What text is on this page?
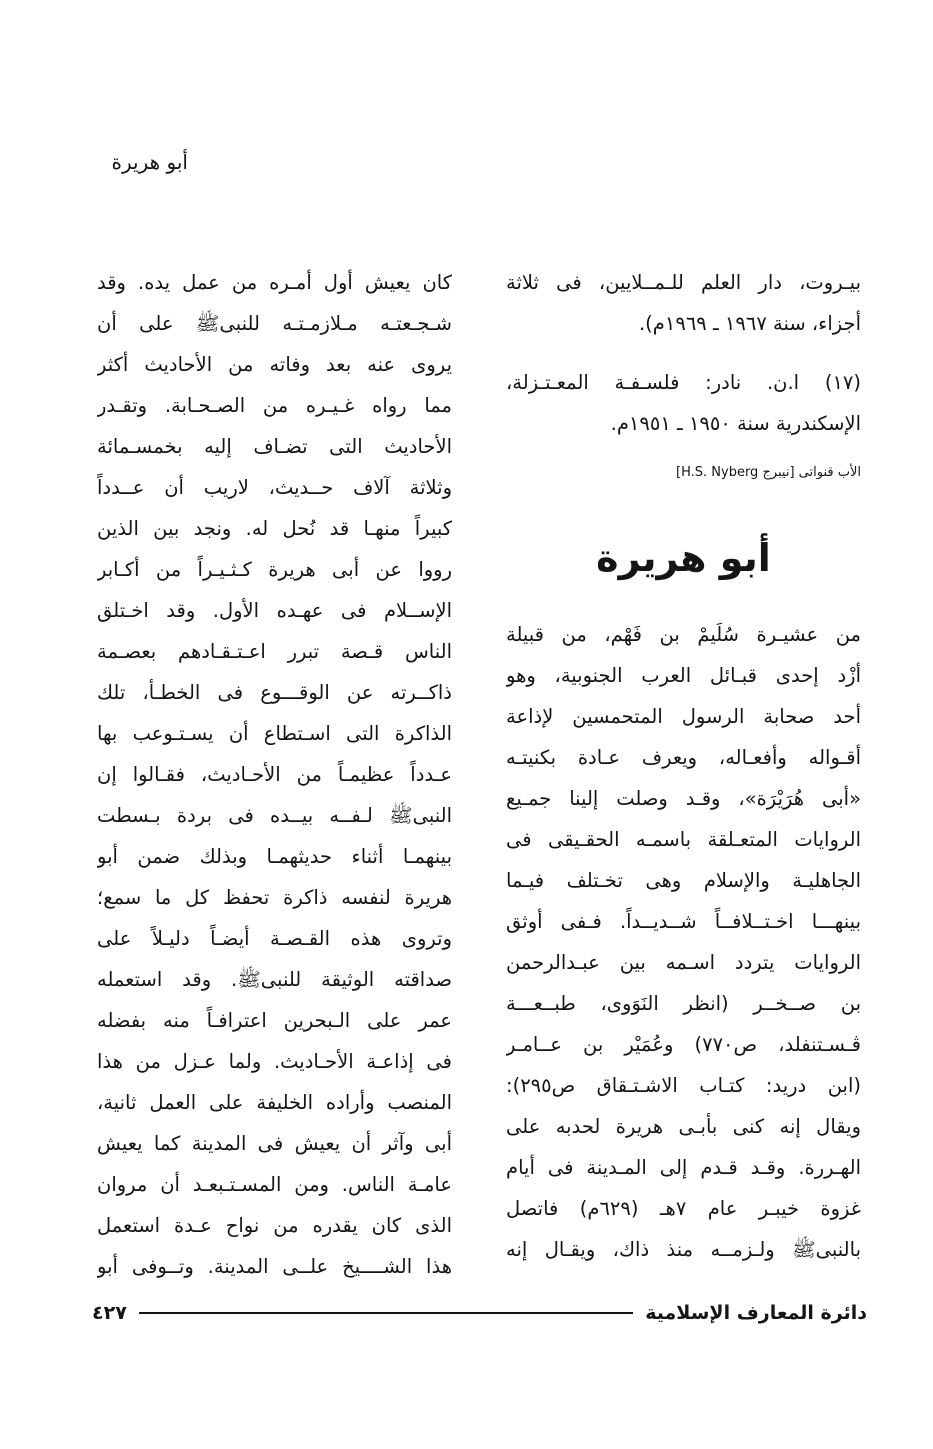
أبو هريرة
بيـروت، دار العلم للـمــلايين، فى ثلاثة
أجزاء، سنة ١٩٦٧ ـ ١٩٦٩م).
(١٧) ا.ن. نادر: فلسـفـة المعـتـزلة،
الإسكندرية سنة ١٩٥٠ ـ ١٩٥١م.
الأب قنواتى [نيبرج H.S. Nyberg]
أبو هريرة
من عشيـرة سُلَيمْ بن فَهْم، من قبيلة
أزْد إحدى قبـائل العرب الجنوبية، وهو
أحد صحابة الرسول المتحمسين لإذاعة
أقـواله وأفعـاله، ويعرف عـادة بكنيتـه
«أبى هُرَيْرَة»، وقـد وصلت إلينا جمـيع
الروايات المتعـلقة باسمـه الحقـيقى فى
الجاهليـة والإسلام وهى تخـتلف فيـما
بينهـــا اخـتــلافــاً شــديــداً. فـفى أوثق
الروايات يتردد اسـمه بين عبـدالرحمن
بن صــخــر (انظر النَوَوى، طبــعـــة
ڤـسـتنفلد، ص٧٧٠) وعُمَيْر بن عــامـر
(ابن دريد: كتـاب الاشـتـقاق ص٢٩٥):
ويقال إنه كنى بأبـى هريرة لحدبه على
الهـررة. وقـد قـدم إلى المـدينة فى أيام
غزوة خيبـر عام ٧هـ (٦٢٩م) فاتصل
بالنبىﷺ ولـزمــه منذ ذاك، ويقـال إنه
كان يعيش أول أمـره من عمل يده. وقد
شـجـعتـه مـلازمـتـه للنبىﷺ على أن
يروى عنه بعد وفاته من الأحاديث أكثر
مما رواه غـيـره من الصـحـابة. وتقـدر
الأحاديث التى تضـاف إليه بخمسـمائة
وثلاثة آلاف حــديث، لاريب أن عــدداً
كبيراً منهـا قد نُحل له. ونجد بين الذين
رووا عن أبى هريرة كـثـيـراً من أكـابر
الإســلام فى عهـده الأول. وقد اخـتلق
الناس قـصة تبرر اعـتـقـادهم بعصـمة
ذاكــرته عن الوقـــوع فى الخطـأ، تلك
الذاكرة التى اسـتطاع أن يسـتـوعب بها
عـدداً عظيمـاً من الأحـاديث، فقـالوا إن
النبىﷺ لـفــه بيــده فى بردة بـسطت
بينهمـا أثناء حديثهمـا وبذلك ضمن أبو
هريرة لنفسه ذاكرة تحفظ كل ما سمع؛
وتروى هذه القـصـة أيضـاً دليـلاً على
صداقته الوثيقة للنبىﷺ. وقد استعمله
عمر على الـبحرين اعترافـاً منه بفضله
فى إذاعـة الأحـاديث. ولما عـزل من هذا
المنصب وأراده الخليفة على العمل ثانية،
أبى وآثر أن يعيش فى المدينة كما يعيش
عامـة الناس. ومن المسـتـبعـد أن مروان
الذى كان يقدره من نواح عـدة استعمل
هذا الشــــيخ علــى المدينة. وتــوفى أبو
دائرة المعارف الإسلامية
٤٢٧
